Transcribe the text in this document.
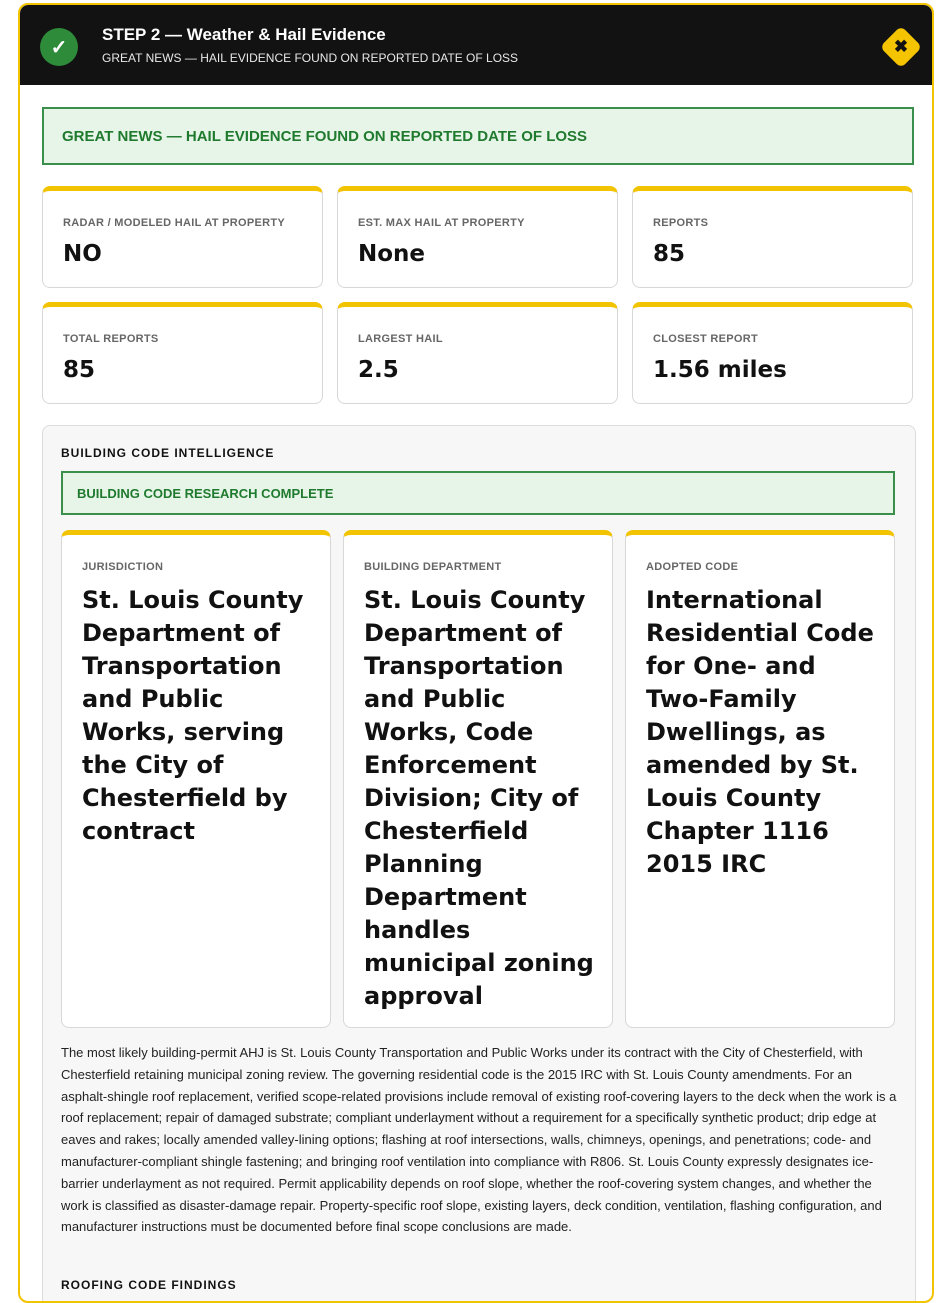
✓
STEP 2 — Weather & Hail Evidence
GREAT NEWS — HAIL EVIDENCE FOUND ON REPORTED DATE OF LOSS
✖
GREAT NEWS — HAIL EVIDENCE FOUND ON REPORTED DATE OF LOSS
RADAR / MODELED HAIL AT PROPERTY
NO
EST. MAX HAIL AT PROPERTY
None
REPORTS
85
TOTAL REPORTS
85
LARGEST HAIL
2.5
CLOSEST REPORT
1.56 miles
BUILDING CODE INTELLIGENCE
BUILDING CODE RESEARCH COMPLETE
JURISDICTION
St. Louis County Department of Transportation and Public Works, serving the City of Chesterfield by contract
BUILDING DEPARTMENT
St. Louis County Department of Transportation and Public Works, Code Enforcement Division; City of Chesterfield Planning Department handles municipal zoning approval
ADOPTED CODE
International Residential Code for One- and Two-Family Dwellings, as amended by St. Louis County Chapter 1116 2015 IRC
The most likely building-permit AHJ is St. Louis County Transportation and Public Works under its contract with the City of Chesterfield, with Chesterfield retaining municipal zoning review. The governing residential code is the 2015 IRC with St. Louis County amendments. For an asphalt-shingle roof replacement, verified scope-related provisions include removal of existing roof-covering layers to the deck when the work is a roof replacement; repair of damaged substrate; compliant underlayment without a requirement for a specifically synthetic product; drip edge at eaves and rakes; locally amended valley-lining options; flashing at roof intersections, walls, chimneys, openings, and penetrations; code- and manufacturer-compliant shingle fastening; and bringing roof ventilation into compliance with R806. St. Louis County expressly designates ice-barrier underlayment as not required. Permit applicability depends on roof slope, whether the roof-covering system changes, and whether the work is classified as disaster-damage repair. Property-specific roof slope, existing layers, deck condition, ventilation, flashing configuration, and manufacturer instructions must be documented before final scope conclusions are made.
ROOFING CODE FINDINGS
